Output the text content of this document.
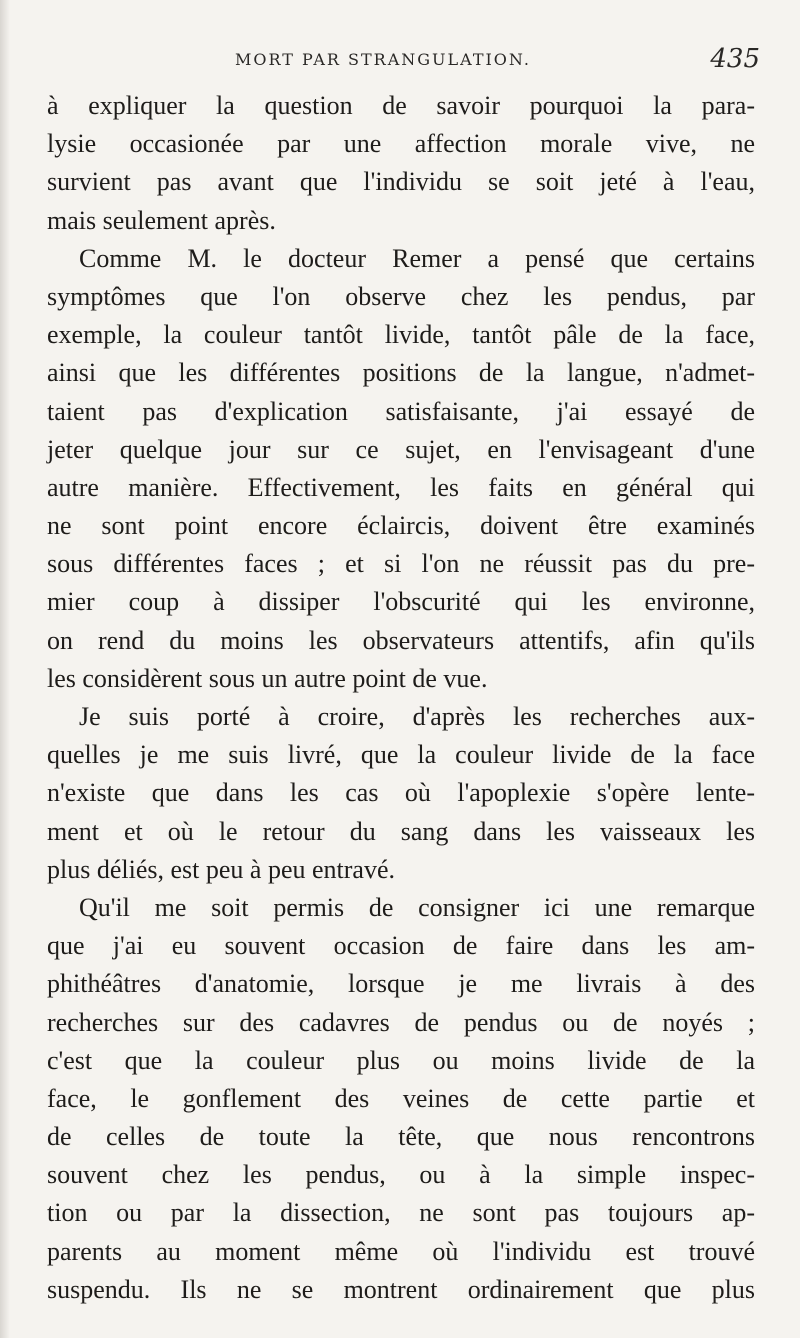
MORT PAR STRANGULATION.	435
à expliquer la question de savoir pourquoi la para-
lysie occasionée par une affection morale vive, ne
survient pas avant que l'individu se soit jeté à l'eau,
mais seulement après.
Comme M. le docteur Remer a pensé que certains
symptômes que l'on observe chez les pendus, par
exemple, la couleur tantôt livide, tantôt pâle de la face,
ainsi que les différentes positions de la langue, n'admet-
taient pas d'explication satisfaisante, j'ai essayé de
jeter quelque jour sur ce sujet, en l'envisageant d'une
autre manière. Effectivement, les faits en général qui
ne sont point encore éclaircis, doivent être examinés
sous différentes faces ; et si l'on ne réussit pas du pre-
mier coup à dissiper l'obscurité qui les environne,
on rend du moins les observateurs attentifs, afin qu'ils
les considèrent sous un autre point de vue.
Je suis porté à croire, d'après les recherches aux-
quelles je me suis livré, que la couleur livide de la face
n'existe que dans les cas où l'apoplexie s'opère lente-
ment et où le retour du sang dans les vaisseaux les
plus déliés, est peu à peu entravé.
Qu'il me soit permis de consigner ici une remarque
que j'ai eu souvent occasion de faire dans les am-
phithéâtres d'anatomie, lorsque je me livrais à des
recherches sur des cadavres de pendus ou de noyés ;
c'est que la couleur plus ou moins livide de la
face, le gonflement des veines de cette partie et
de celles de toute la tête, que nous rencontrons
souvent chez les pendus, ou à la simple inspec-
tion ou par la dissection, ne sont pas toujours ap-
parents au moment même où l'individu est trouvé
suspendu. Ils ne se montrent ordinairement que plus
